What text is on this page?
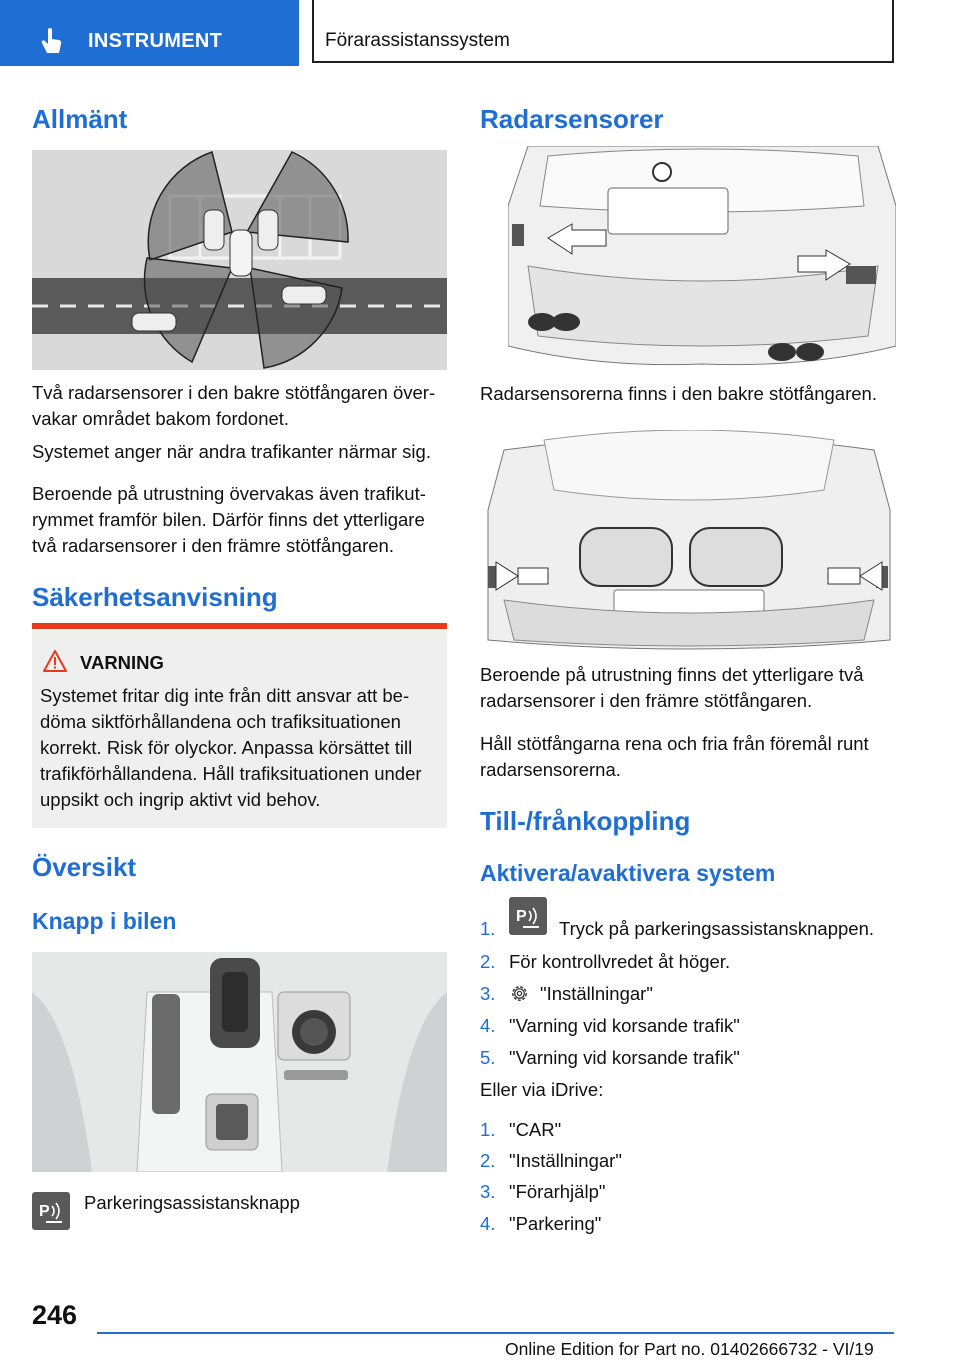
INSTRUMENT	Förarassistanssystem
Allmänt
Två radarsensorer i den bakre stötfångaren övervakar området bakom fordonet.
Systemet anger när andra trafikanter närmar sig.
Beroende på utrustning övervakas även trafikutrymmet framför bilen. Därför finns det ytterligare två radarsensorer i den främre stötfångaren.
Säkerhetsanvisning
VARNING
Systemet fritar dig inte från ditt ansvar att bedöma siktförhållandena och trafiksituationen korrekt. Risk för olyckor. Anpassa körsättet till trafikförhållandena. Håll trafiksituationen under uppsikt och ingrip aktivt vid behov.
Översikt
Knapp i bilen
P Parkeringsassistansknapp
Radarsensorer
Radarsensorerna finns i den bakre stötfångaren.
Beroende på utrustning finns det ytterligare två radarsensorer i den främre stötfångaren.
Håll stötfångarna rena och fria från föremål runt radarsensorerna.
Till-/frånkoppling
Aktivera/avaktivera system
1.
P
Tryck på parkeringsassistansknappen.
2. För kontrollvredet åt höger.
3. "Inställningar"
4. "Varning vid korsande trafik"
5. "Varning vid korsande trafik"
Eller via iDrive:
1. "CAR"
2. "Inställningar"
3. "Förarhjälp"
4. "Parkering"
246
Online Edition for Part no. 01402666732 - VI/19
